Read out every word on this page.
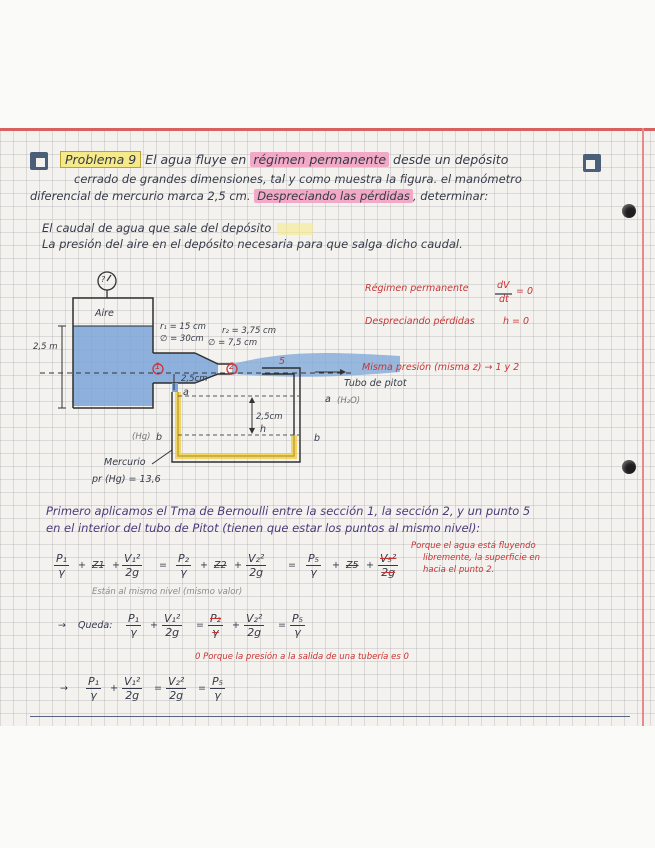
Problema 9 El agua fluye en régimen permanente desde un depósito
cerrado de grandes dimensiones, tal y como muestra la figura. el manómetro
diferencial de mercurio marca 2,5 cm. Despreciando las pérdidas , determinar:
El caudal de agua que sale del depósito
La presión del aire en el depósito necesaria para que salga dicho caudal.
?
Aire
2,5 m
r₁ = 15 cm
∅ = 30cm
r₂ = 3,75 cm
∅ = 7,5 cm
1	2	5
2,5cm
a
a (H₂O)
(Hg) b	b
2,5cm
h
Mercurio
pr (Hg) = 13,6
Misma presión (misma z) → 1 y 2
Tubo de pitot
Régimen permanente	dV
dt
= 0
Despreciando pérdidas	h = 0
Primero aplicamos el Tma de Bernoulli entre la sección 1, la sección 2, y un punto 5
en el interior del tubo de Pitot (tienen que estar los puntos al mismo nivel):
$\frac{\text{P₁}}{\gamma} + Z1 + \frac{\text{V₁²}}{2g} = \frac{\text{P₂}}{\gamma} + Z2 + \frac{\text{V₂²}}{2g} = \frac{\text{P₅}}{\gamma} + Z5 + \frac{\text{V₅²}}{2g}$
Porque el agua está fluyendo
libremente, la superficie en
hacia el punto 2.
Están al mismo nivel (mismo valor)
→ Queda: $\frac{\text{P₁}}{\gamma} + \frac{\text{V₁²}}{2g} = \frac{\text{P₂}}{\gamma} + \frac{\text{V₂²}}{2g} = \frac{\text{P₅}}{\gamma}$
0 Porque la presión a la salida de una tubería es 0
→ $\frac{\text{P₁}}{\gamma} + \frac{\text{V₁²}}{2g} = \frac{\text{V₂²}}{2g} = \frac{\text{P₅}}{\gamma}$
